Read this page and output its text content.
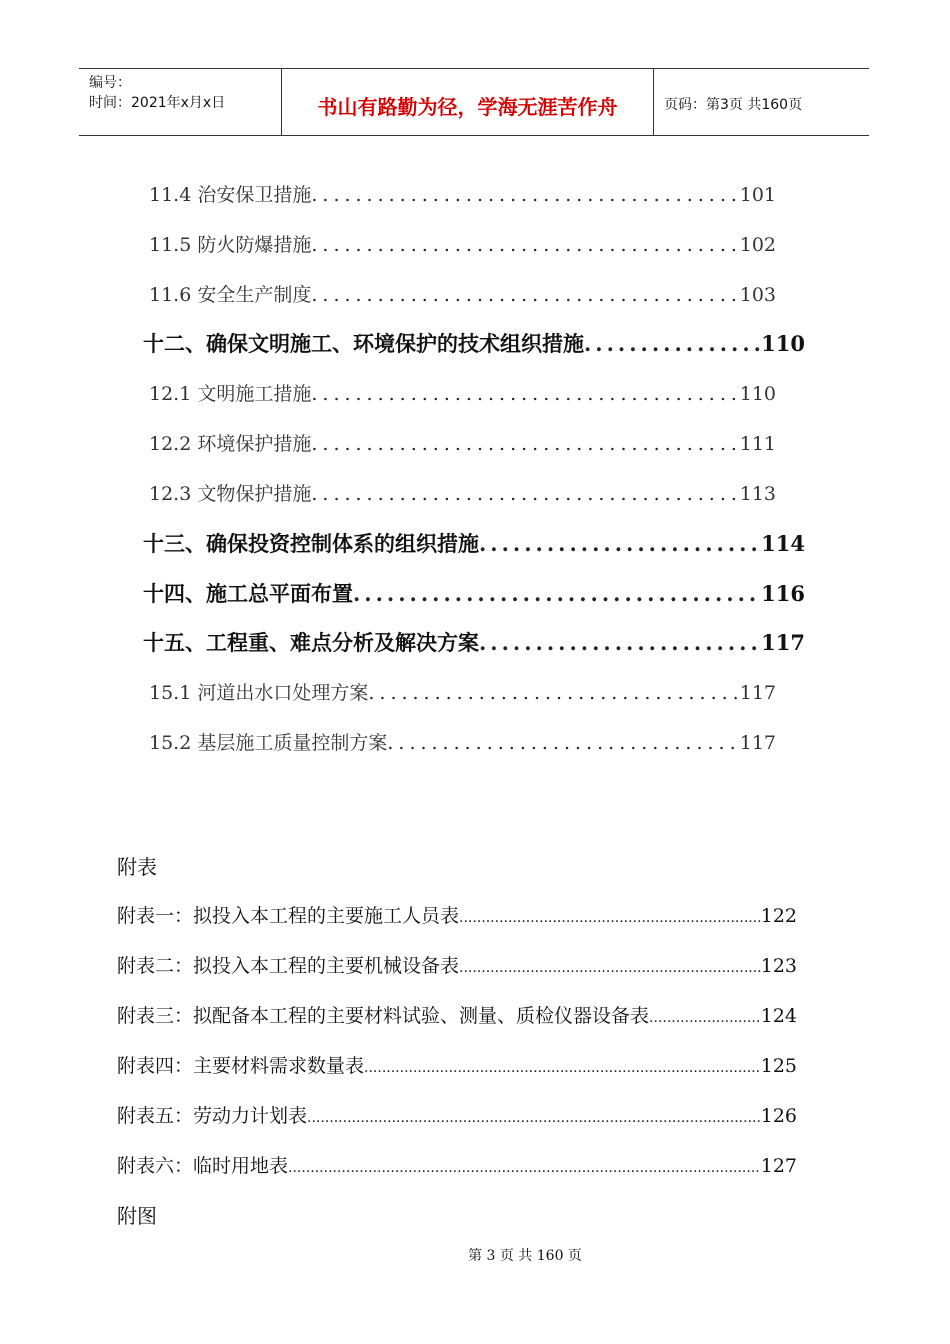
编号：
时间：2021年x月x日	书山有路勤为径，学海无涯苦作舟	页码：第3页 共160页
11.4 治安保卫措施 .....	101
11.5 防火防爆措施 .....	102
11.6 安全生产制度 .....	103
十二、确保文明施工、环境保护的技术组织措施 .....	110
12.1 文明施工措施 .....	110
12.2 环境保护措施 .....	111
12.3 文物保护措施 .....	113
十三、确保投资控制体系的组织措施 .....	114
十四、施工总平面布置 .....	116
十五、工程重、难点分析及解决方案 .....	117
15.1 河道出水口处理方案 .....	117
15.2 基层施工质量控制方案 .....	117
附表
附表一：拟投入本工程的主要施工人员表 .....	122
附表二：拟投入本工程的主要机械设备表 .....	123
附表三：拟配备本工程的主要材料试验、测量、质检仪器设备表 .....	124
附表四：主要材料需求数量表 .....	125
附表五：劳动力计划表 .....	126
附表六：临时用地表 .....	127
附图
第 3 页 共 160 页
